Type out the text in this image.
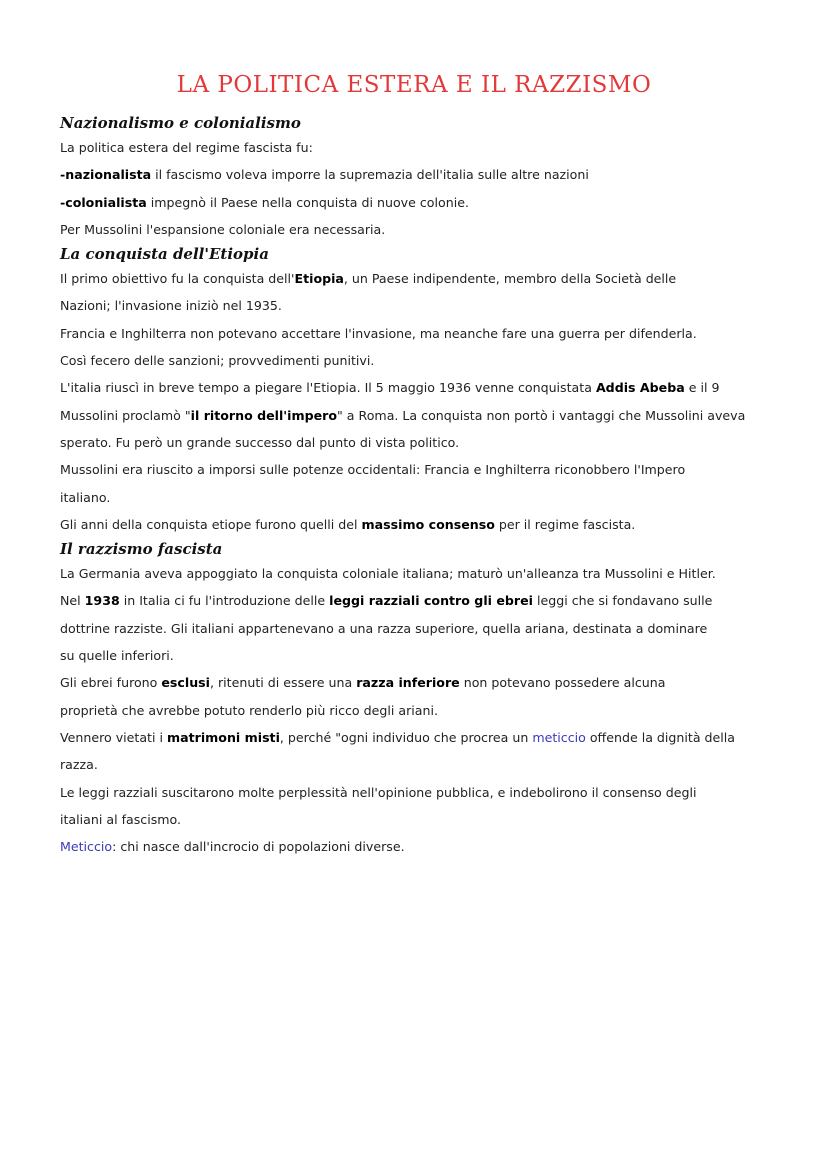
LA POLITICA ESTERA E IL RAZZISMO
Nazionalismo e colonialismo
La politica estera del regime fascista fu:
-nazionalista il fascismo voleva imporre la supremazia dell'italia sulle altre nazioni
-colonialista impegnò il Paese nella conquista di nuove colonie.
Per Mussolini l'espansione coloniale era necessaria.
La conquista dell'Etiopia
Il primo obiettivo fu la conquista dell'Etiopia, un Paese indipendente, membro della Società delle
Nazioni; l'invasione iniziò nel 1935.
Francia e Inghilterra non potevano accettare l'invasione, ma neanche fare una guerra per difenderla.
Così fecero delle sanzioni; provvedimenti punitivi.
L'italia riuscì in breve tempo a piegare l'Etiopia. Il 5 maggio 1936 venne conquistata Addis Abeba e il 9
Mussolini proclamò "il ritorno dell'impero" a Roma. La conquista non portò i vantaggi che Mussolini aveva
sperato. Fu però un grande successo dal punto di vista politico.
Mussolini era riuscito a imporsi sulle potenze occidentali: Francia e Inghilterra riconobbero l'Impero
italiano.
Gli anni della conquista etiope furono quelli del massimo consenso per il regime fascista.
Il razzismo fascista
La Germania aveva appoggiato la conquista coloniale italiana; maturò un'alleanza tra Mussolini e Hitler.
Nel 1938 in Italia ci fu l'introduzione delle leggi razziali contro gli ebrei leggi che si fondavano sulle
dottrine razziste. Gli italiani appartenevano a una razza superiore, quella ariana, destinata a dominare
su quelle inferiori.
Gli ebrei furono esclusi, ritenuti di essere una razza inferiore non potevano possedere alcuna
proprietà che avrebbe potuto renderlo più ricco degli ariani.
Vennero vietati i matrimoni misti, perché "ogni individuo che procrea un meticcio offende la dignità della
razza.
Le leggi razziali suscitarono molte perplessità nell'opinione pubblica, e indebolirono il consenso degli
italiani al fascismo.
Meticcio: chi nasce dall'incrocio di popolazioni diverse.
